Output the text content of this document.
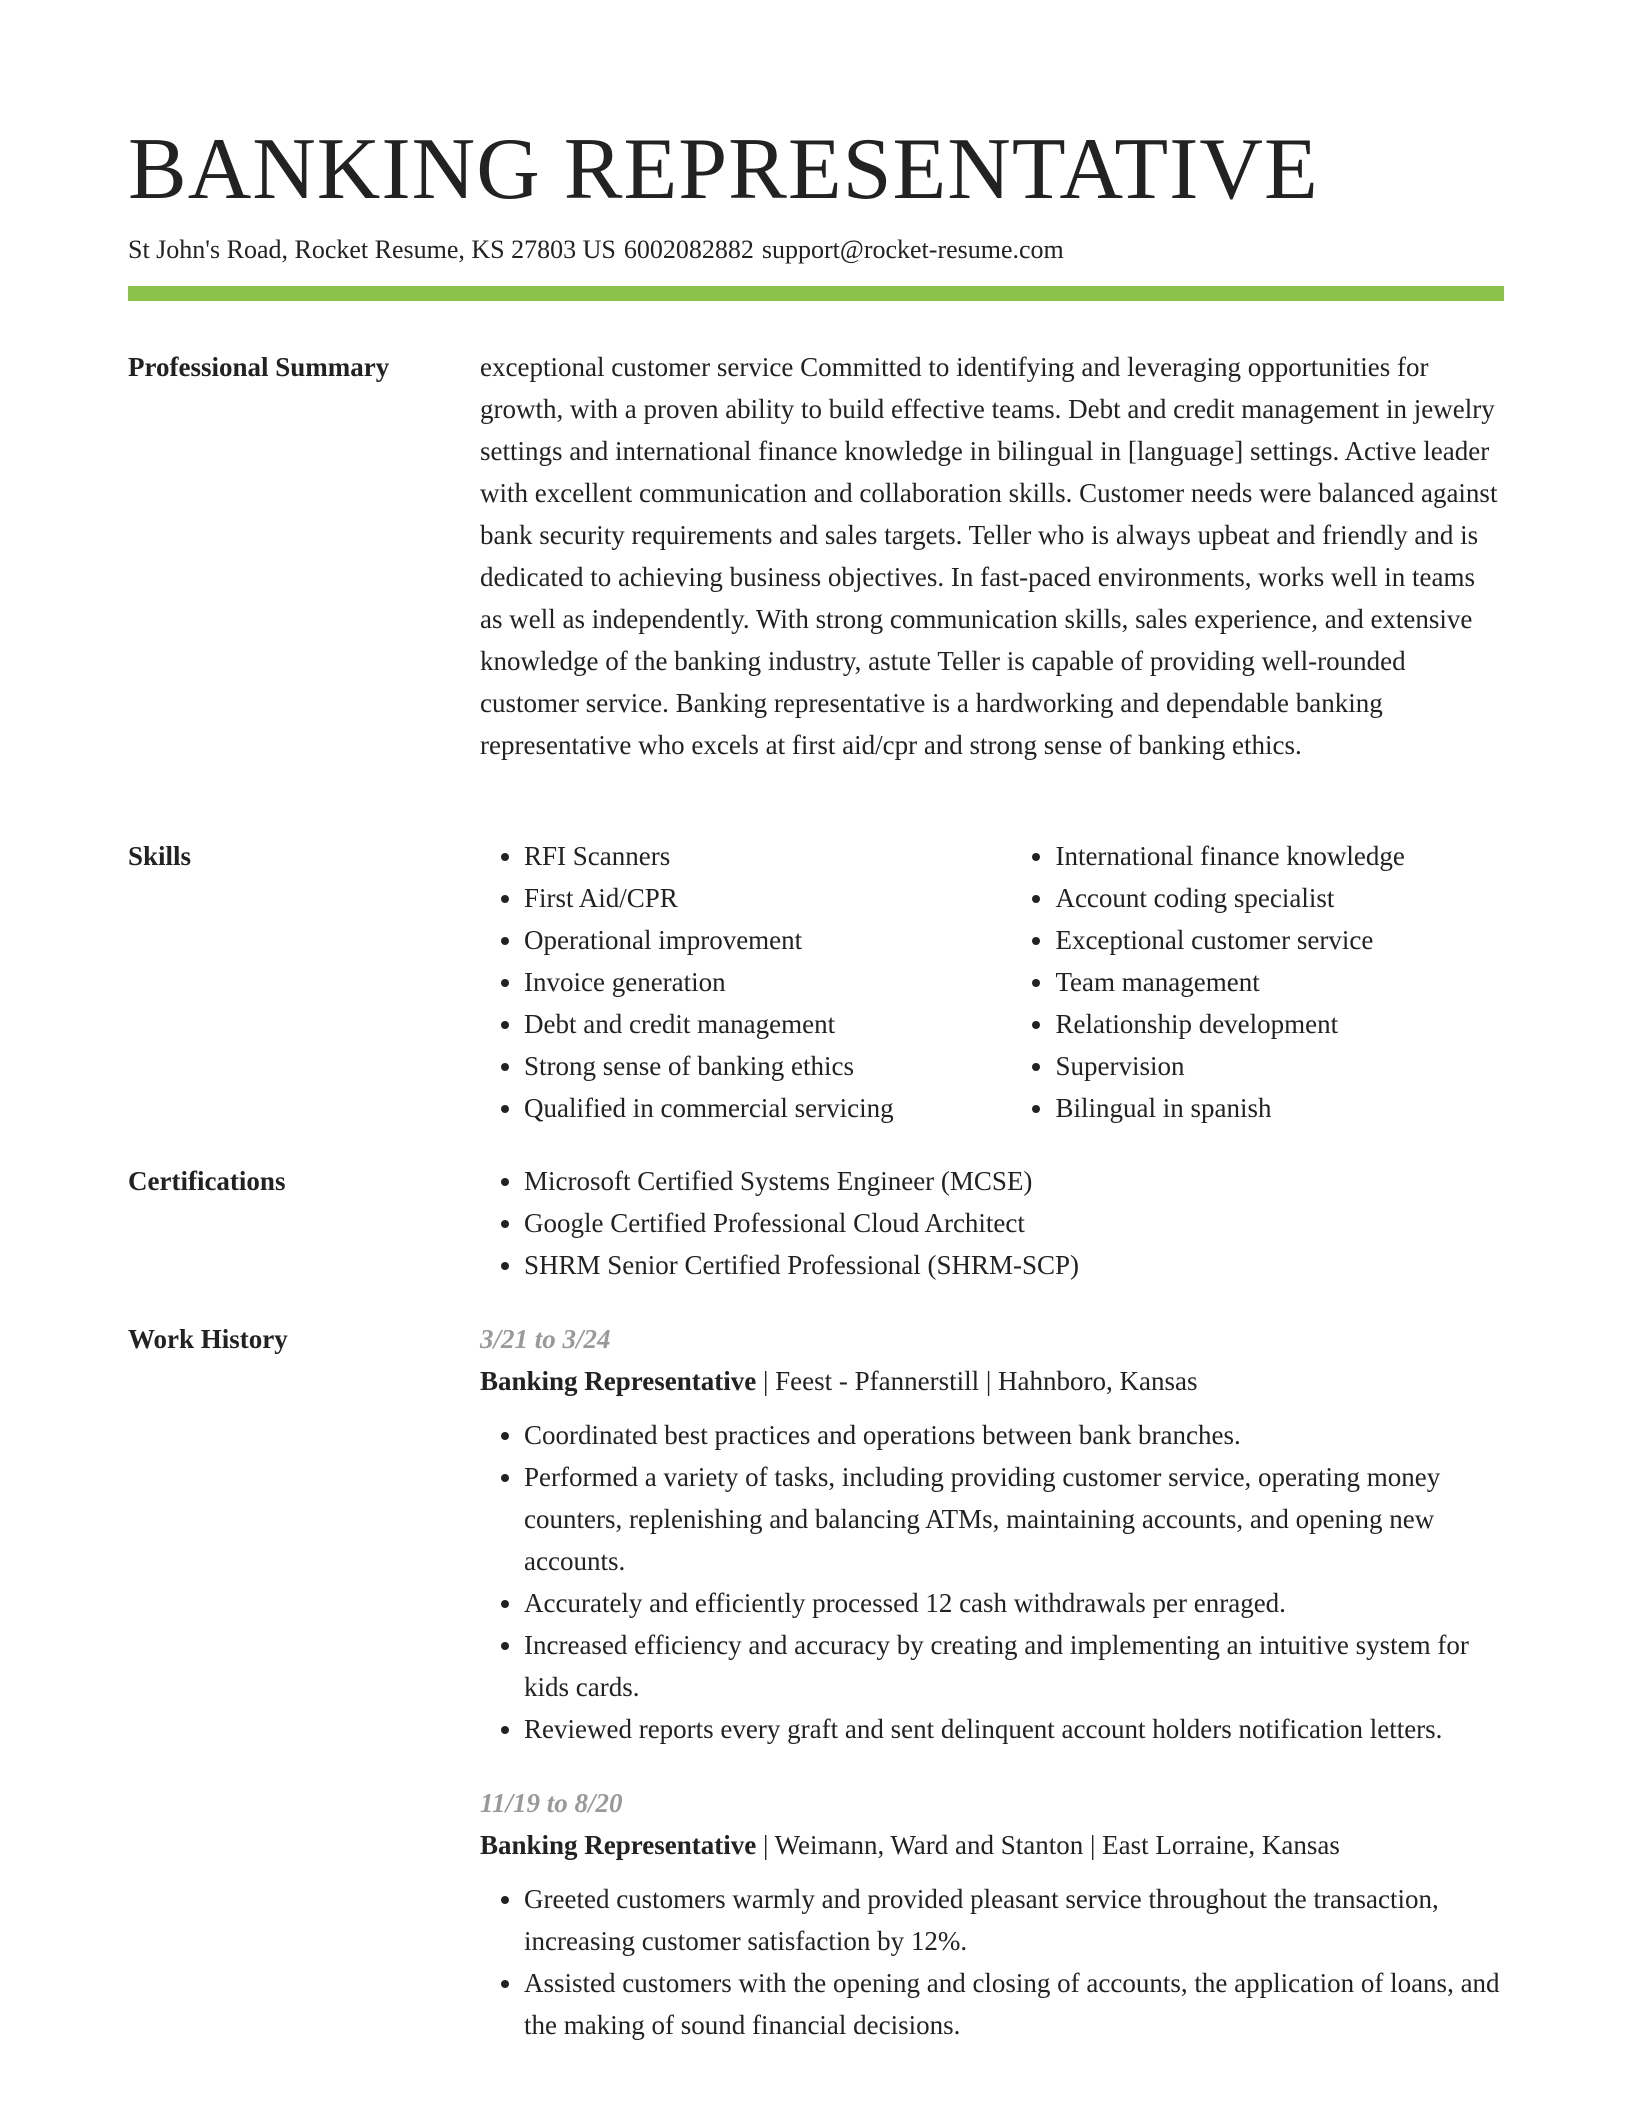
BANKING REPRESENTATIVE
St John's Road, Rocket Resume, KS 27803 US 6002082882 support@rocket-resume.com
Professional Summary	exceptional customer service Committed to identifying and leveraging opportunities for growth, with a proven ability to build effective teams. Debt and credit management in jewelry settings and international finance knowledge in bilingual in [language] settings. Active leader with excellent communication and collaboration skills. Customer needs were balanced against bank security requirements and sales targets. Teller who is always upbeat and friendly and is dedicated to achieving business objectives. In fast-paced environments, works well in teams as well as independently. With strong communication skills, sales experience, and extensive knowledge of the banking industry, astute Teller is capable of providing well-rounded customer service. Banking representative is a hardworking and dependable banking representative who excels at first aid/cpr and strong sense of banking ethics.

Skills	• RFI Scanners
• First Aid/CPR
• Operational improvement
• Invoice generation
• Debt and credit management
• Strong sense of banking ethics
• Qualified in commercial servicing
• International finance knowledge
• Account coding specialist
• Exceptional customer service
• Team management
• Relationship development
• Supervision
• Bilingual in spanish
Certifications	• Microsoft Certified Systems Engineer (MCSE)
• Google Certified Professional Cloud Architect
• SHRM Senior Certified Professional (SHRM-SCP)
Work History	3/21 to 3/24
Banking Representative | Feest - Pfannerstill | Hahnboro, Kansas
• Coordinated best practices and operations between bank branches.
• Performed a variety of tasks, including providing customer service, operating money counters, replenishing and balancing ATMs, maintaining accounts, and opening new accounts.
• Accurately and efficiently processed 12 cash withdrawals per enraged.
• Increased efficiency and accuracy by creating and implementing an intuitive system for kids cards.
• Reviewed reports every graft and sent delinquent account holders notification letters.
11/19 to 8/20
Banking Representative | Weimann, Ward and Stanton | East Lorraine, Kansas
• Greeted customers warmly and provided pleasant service throughout the transaction, increasing customer satisfaction by 12%.
• Assisted customers with the opening and closing of accounts, the application of loans, and the making of sound financial decisions.
